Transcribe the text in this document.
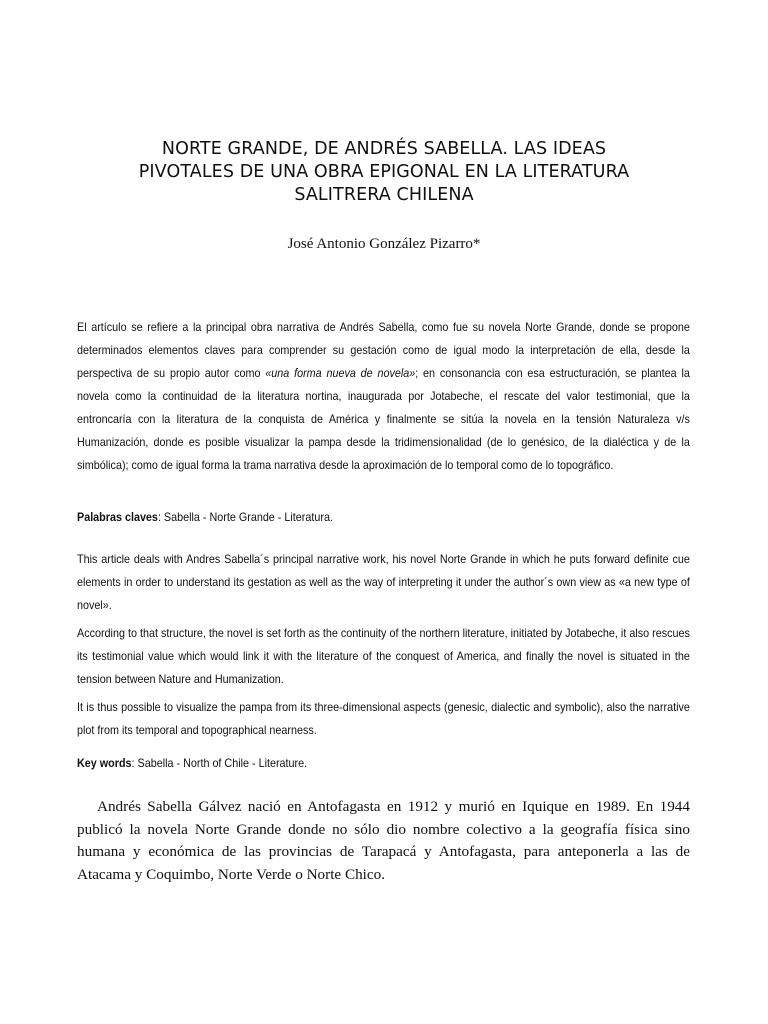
NORTE GRANDE, DE ANDRÉS SABELLA. LAS IDEAS
PIVOTALES DE UNA OBRA EPIGONAL EN LA LITERATURA
SALITRERA CHILENA
José Antonio González Pizarro*

El artículo se refiere a la principal obra narrativa de Andrés Sabella, como fue su novela Norte Grande, donde se propone determinados elementos claves para comprender su gestación como de igual modo la interpretación de ella, desde la perspectiva de su propio autor como «una forma nueva de novela»; en consonancia con esa estructuración, se plantea la novela como la continuidad de la literatura nortina, inaugurada por Jotabeche, el rescate del valor testimonial, que la entroncaría con la literatura de la conquista de América y finalmente se sitúa la novela en la tensión Naturaleza v/s Humanización, donde es posible visualizar la pampa desde la tridimensionalidad (de lo genésico, de la dialéctica y de la simbólica); como de igual forma la trama narrativa desde la aproximación de lo temporal como de lo topográfico.

Palabras claves: Sabella - Norte Grande - Literatura.

This article deals with Andres Sabella´s principal narrative work, his novel Norte Grande in which he puts forward definite cue elements in order to understand its gestation as well as the way of interpreting it under the author´s own view as «a new type of novel».

According to that structure, the novel is set forth as the continuity of the northern literature, initiated by Jotabeche, it also rescues its testimonial value which would link it with the literature of the conquest of America, and finally the novel is situated in the tension between Nature and Humanization.

It is thus possible to visualize the pampa from its three-dimensional aspects (genesic, dialectic and symbolic), also the narrative plot from its temporal and topographical nearness.

Key words: Sabella - North of Chile - Literature.

Andrés Sabella Gálvez nació en Antofagasta en 1912 y murió en Iquique en 1989. En 1944 publicó la novela Norte Grande donde no sólo dio nombre colectivo a la geografía física sino humana y económica de las provincias de Tarapacá y Antofagasta, para anteponerla a las de Atacama y Coquimbo, Norte Verde o Norte Chico.
